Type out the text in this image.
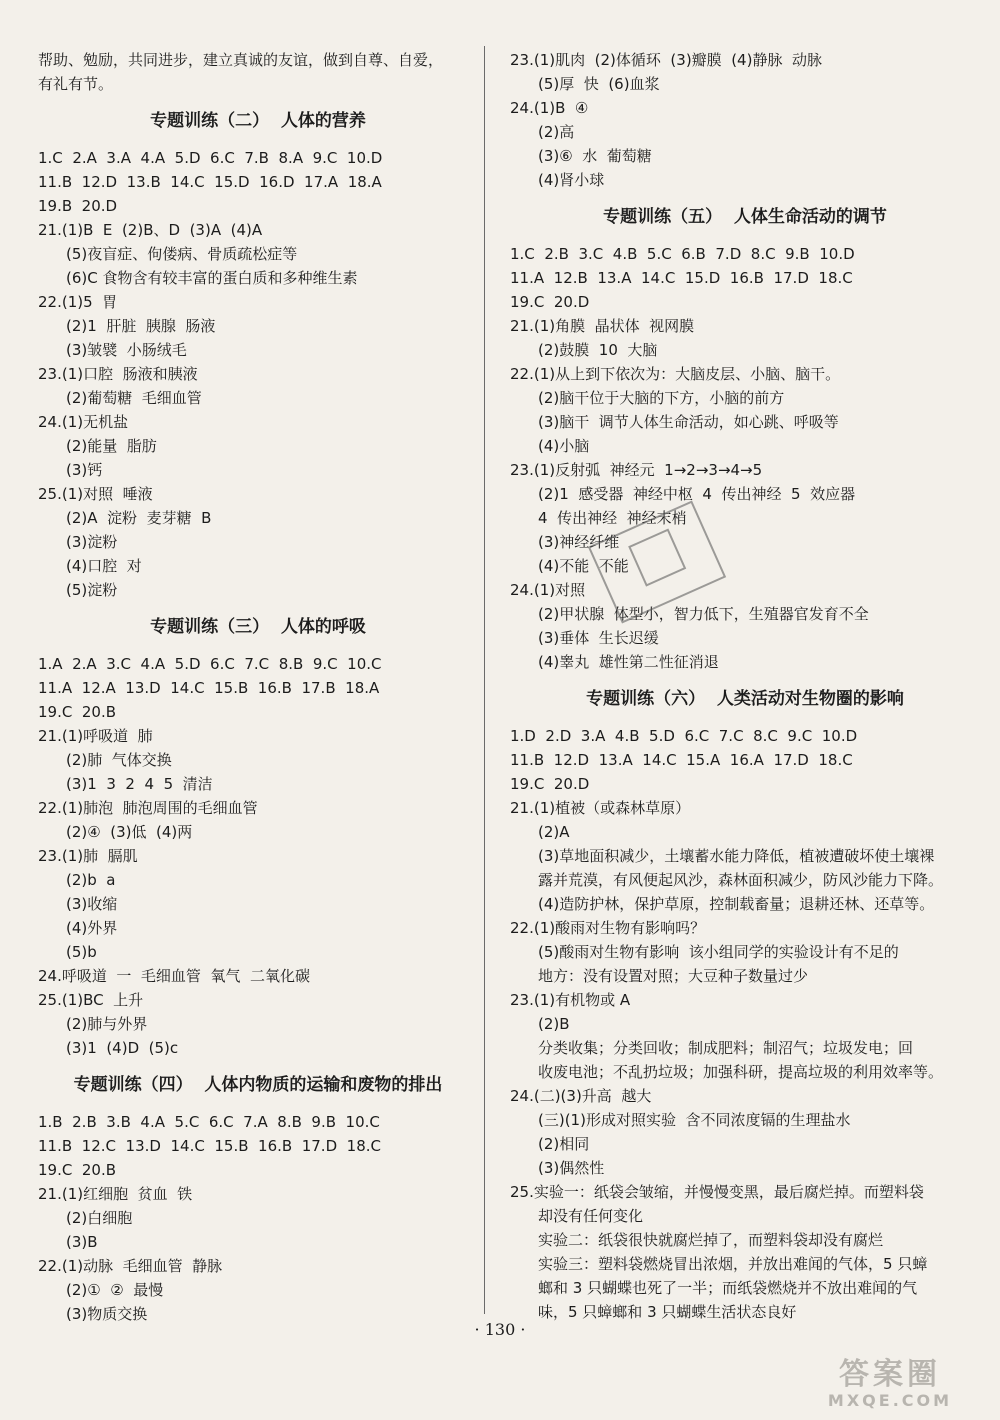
帮助、勉励，共同进步，建立真诚的友谊，做到自尊、自爱，
有礼有节。
专题训练（二）  人体的营养
1.C  2.A  3.A  4.A  5.D  6.C  7.B  8.A  9.C  10.D
11.B  12.D  13.B  14.C  15.D  16.D  17.A  18.A
19.B  20.D
21.(1)B  E  (2)B、D  (3)A  (4)A
(5)夜盲症、佝偻病、骨质疏松症等
(6)C 食物含有较丰富的蛋白质和多种维生素
22.(1)5  胃
(2)1  肝脏  胰腺  肠液
(3)皱襞  小肠绒毛
23.(1)口腔  肠液和胰液
(2)葡萄糖  毛细血管
24.(1)无机盐
(2)能量  脂肪
(3)钙
25.(1)对照  唾液
(2)A  淀粉  麦芽糖  B
(3)淀粉
(4)口腔  对
(5)淀粉
专题训练（三）  人体的呼吸
1.A  2.A  3.C  4.A  5.D  6.C  7.C  8.B  9.C  10.C
11.A  12.A  13.D  14.C  15.B  16.B  17.B  18.A
19.C  20.B
21.(1)呼吸道  肺
(2)肺  气体交换
(3)1  3  2  4  5  清洁
22.(1)肺泡  肺泡周围的毛细血管
(2)④  (3)低  (4)两
23.(1)肺  膈肌
(2)b  a
(3)收缩
(4)外界
(5)b
24.呼吸道  一  毛细血管  氧气  二氧化碳
25.(1)BC  上升
(2)肺与外界
(3)1  (4)D  (5)c
专题训练（四）  人体内物质的运输和废物的排出
1.B  2.B  3.B  4.A  5.C  6.C  7.A  8.B  9.B  10.C
11.B  12.C  13.D  14.C  15.B  16.B  17.D  18.C
19.C  20.B
21.(1)红细胞  贫血  铁
(2)白细胞
(3)B
22.(1)动脉  毛细血管  静脉
(2)①  ②  最慢
(3)物质交换
23.(1)肌肉  (2)体循环  (3)瓣膜  (4)静脉  动脉
(5)厚  快  (6)血浆
24.(1)B  ④
(2)高
(3)⑥  水  葡萄糖
(4)肾小球
专题训练（五）  人体生命活动的调节
1.C  2.B  3.C  4.B  5.C  6.B  7.D  8.C  9.B  10.D
11.A  12.B  13.A  14.C  15.D  16.B  17.D  18.C
19.C  20.D
21.(1)角膜  晶状体  视网膜
(2)鼓膜  10  大脑
22.(1)从上到下依次为：大脑皮层、小脑、脑干。
(2)脑干位于大脑的下方，小脑的前方
(3)脑干  调节人体生命活动，如心跳、呼吸等
(4)小脑
23.(1)反射弧  神经元  1→2→3→4→5
(2)1  感受器  神经中枢  4  传出神经  5  效应器
4  传出神经  神经末梢
(3)神经纤维
(4)不能  不能
24.(1)对照
(2)甲状腺  体型小，智力低下，生殖器官发育不全
(3)垂体  生长迟缓
(4)睾丸  雄性第二性征消退
专题训练（六）  人类活动对生物圈的影响
1.D  2.D  3.A  4.B  5.D  6.C  7.C  8.C  9.C  10.D
11.B  12.D  13.A  14.C  15.A  16.A  17.D  18.C
19.C  20.D
21.(1)植被（或森林草原）
(2)A
(3)草地面积减少，土壤蓄水能力降低，植被遭破坏使土壤裸
露并荒漠，有风便起风沙，森林面积减少，防风沙能力下降。
(4)造防护林，保护草原，控制载畜量；退耕还林、还草等。
22.(1)酸雨对生物有影响吗？
(5)酸雨对生物有影响  该小组同学的实验设计有不足的
地方：没有设置对照；大豆种子数量过少
23.(1)有机物或 A
(2)B
分类收集；分类回收；制成肥料；制沼气；垃圾发电；回
收废电池；不乱扔垃圾；加强科研，提高垃圾的利用效率等。
24.(二)(3)升高  越大
(三)(1)形成对照实验  含不同浓度镉的生理盐水
(2)相同
(3)偶然性
25.实验一：纸袋会皱缩，并慢慢变黑，最后腐烂掉。而塑料袋
却没有任何变化
实验二：纸袋很快就腐烂掉了，而塑料袋却没有腐烂
实验三：塑料袋燃烧冒出浓烟，并放出难闻的气体，5 只蟑
螂和 3 只蝴蝶也死了一半；而纸袋燃烧并不放出难闻的气
味，5 只蟑螂和 3 只蝴蝶生活状态良好
· 130 ·
答案圈
MXQE.COM
